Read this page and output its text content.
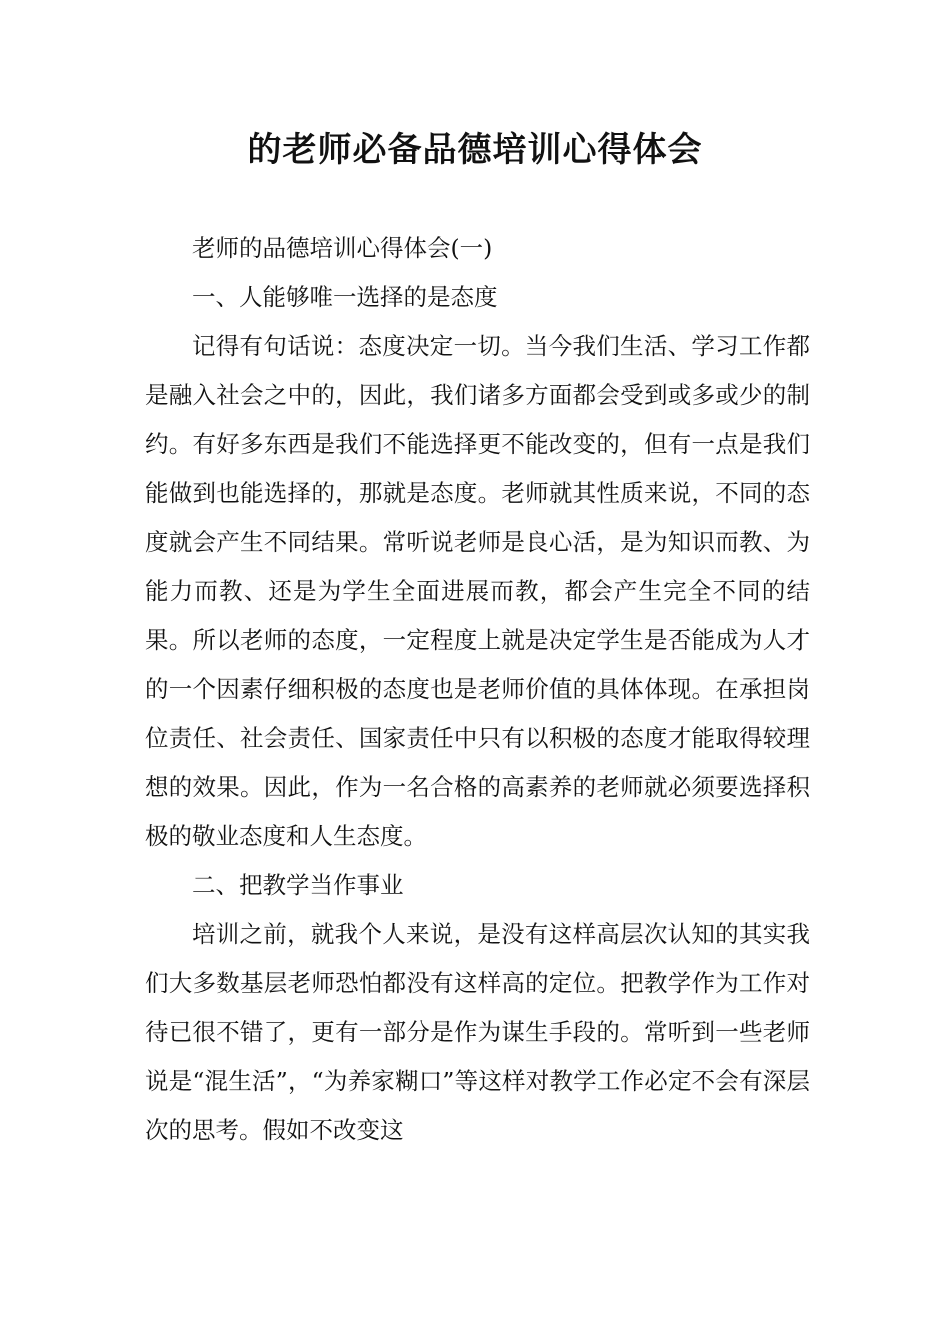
的老师必备品德培训心得体会

老师的品德培训心得体会(一)

一、人能够唯一选择的是态度

记得有句话说：态度决定一切。当今我们生活、学习工作都是融入社会之中的，因此，我们诸多方面都会受到或多或少的制约。有好多东西是我们不能选择更不能改变的，但有一点是我们能做到也能选择的，那就是态度。老师就其性质来说，不同的态度就会产生不同结果。常听说老师是良心活，是为知识而教、为能力而教、还是为学生全面进展而教，都会产生完全不同的结果。所以老师的态度，一定程度上就是决定学生是否能成为人才的一个因素仔细积极的态度也是老师价值的具体体现。在承担岗位责任、社会责任、国家责任中只有以积极的态度才能取得较理想的效果。因此，作为一名合格的高素养的老师就必须要选择积极的敬业态度和人生态度。

二、把教学当作事业

培训之前，就我个人来说，是没有这样高层次认知的其实我们大多数基层老师恐怕都没有这样高的定位。把教学作为工作对待已很不错了，更有一部分是作为谋生手段的。常听到一些老师说是“混生活”，“为养家糊口”等这样对教学工作必定不会有深层次的思考。假如不改变这
